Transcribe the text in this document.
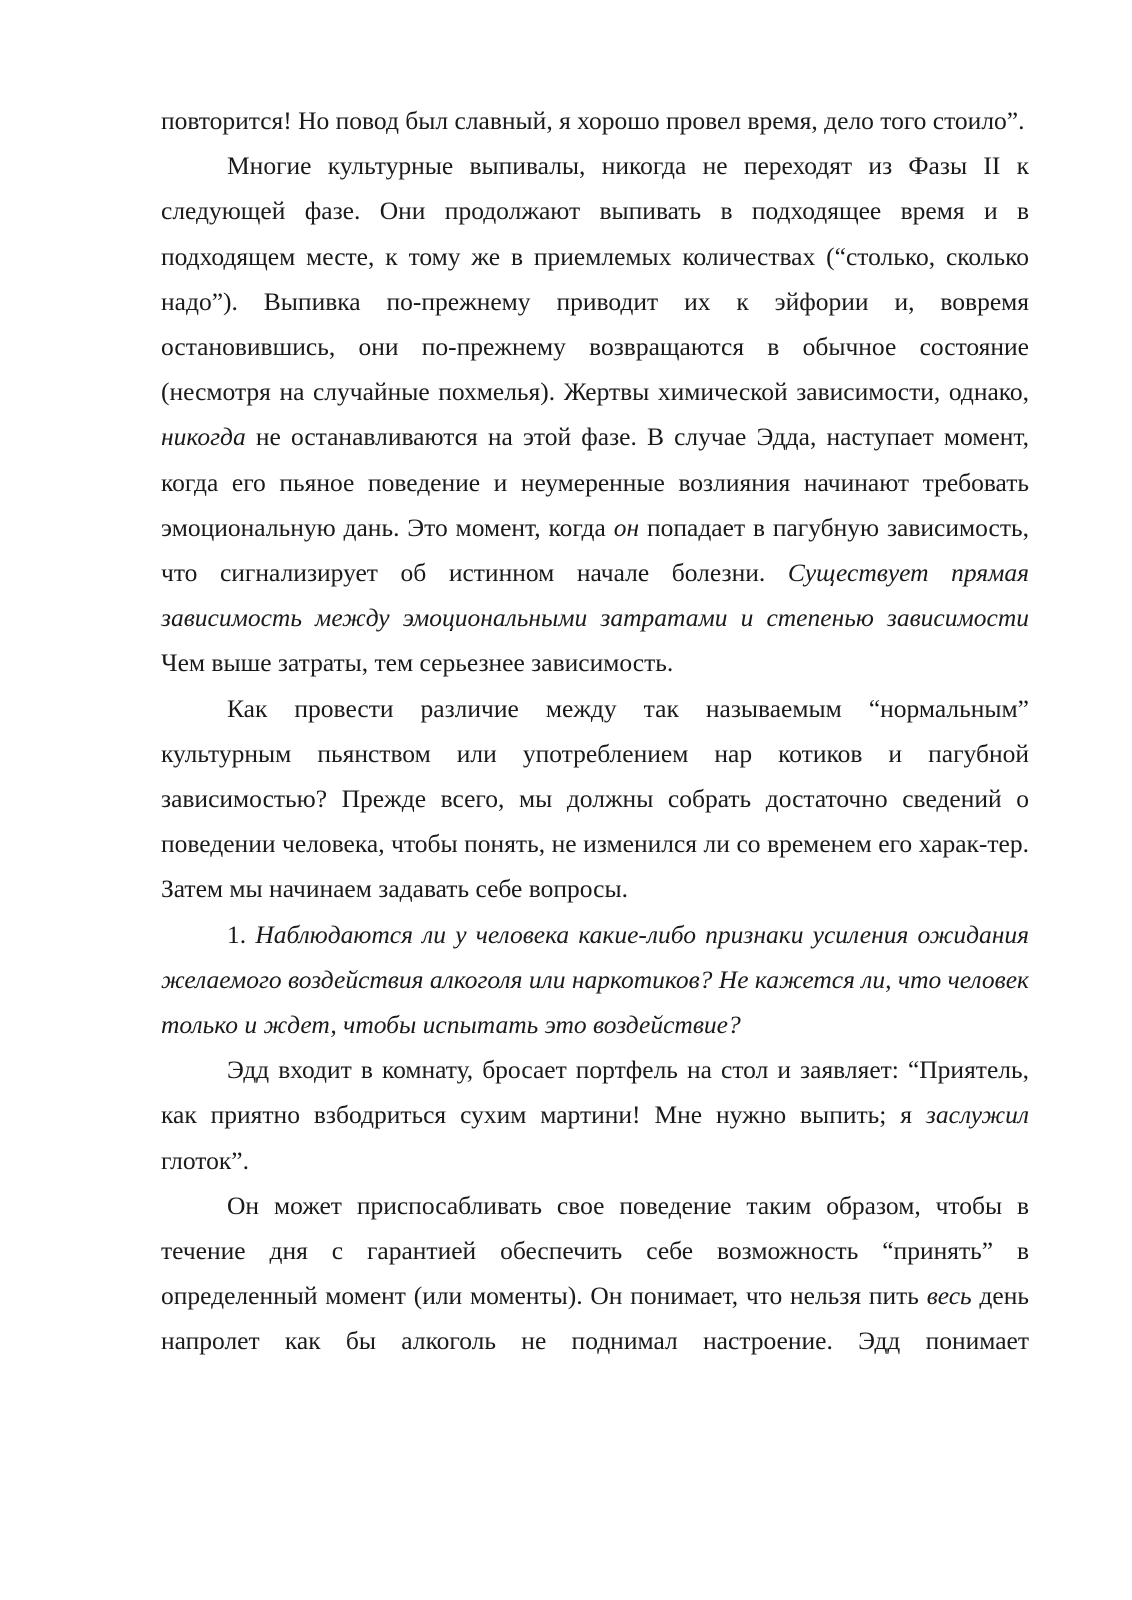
повторится! Но повод был славный, я хорошо провел время, дело того стоило”.

Многие культурные выпивалы, никогда не переходят из Фазы II к следующей фазе. Они продолжают выпивать в подходящее время и в подходящем месте, к тому же в приемлемых количествах (“столько, сколько надо”). Выпивка по-прежнему приводит их к эйфории и, вовремя остановившись, они по-прежнему возвращаются в обычное состояние (несмотря на случайные похмелья). Жертвы химической зависимости, однако, никогда не останавливаются на этой фазе. В случае Эдда, наступает момент, когда его пьяное поведение и неумеренные возлияния начинают требовать эмоциональную дань. Это момент, когда он попадает в пагубную зависимость, что сигнализирует об истинном начале болезни. Существует прямая зависимость между эмоциональными затратами и степенью зависимости Чем выше затраты, тем серьезнее зависимость.

Как провести различие между так называемым “нормальным” культурным пьянством или употреблением нар котиков и пагубной зависимостью? Прежде всего, мы должны собрать достаточно сведений о поведении человека, чтобы понять, не изменился ли со временем его харак-тер. Затем мы начинаем задавать себе вопросы.

1. Наблюдаются ли у человека какие-либо признаки усиления ожидания желаемого воздействия алкоголя или наркотиков? Не кажется ли, что человек только и ждет, чтобы испытать это воздействие?

Эдд входит в комнату, бросает портфель на стол и заявляет: “Приятель, как приятно взбодриться сухим мартини! Мне нужно выпить; я заслужил глоток”.

Он может приспосабливать свое поведение таким образом, чтобы в течение дня с гарантией обеспечить себе возможность “принять” в определенный момент (или моменты). Он понимает, что нельзя пить весь день напролет как бы алкоголь не поднимал настроение. Эдд понимает
